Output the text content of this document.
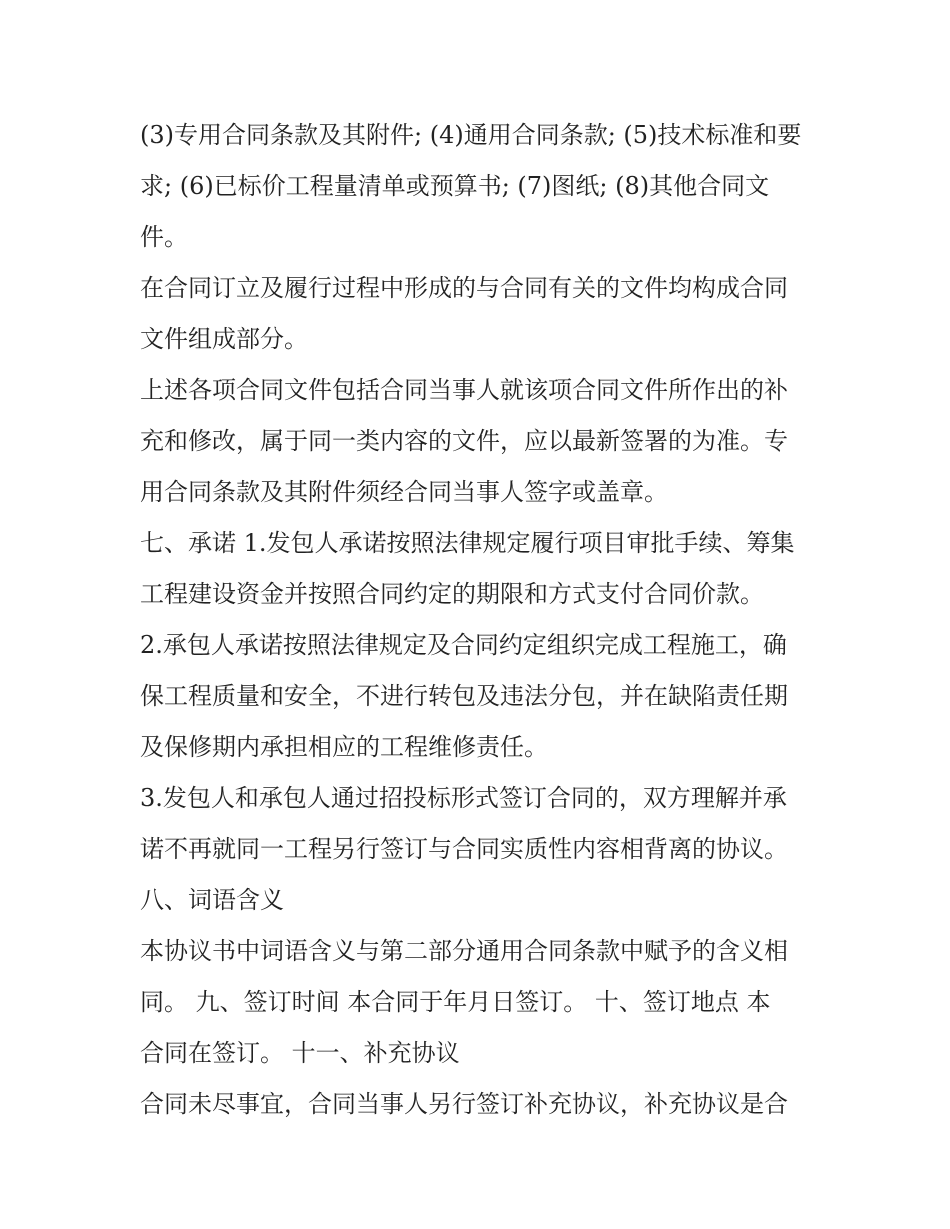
(3)专用合同条款及其附件; (4)通用合同条款; (5)技术标准和要
求; (6)已标价工程量清单或预算书; (7)图纸; (8)其他合同文
件。
在合同订立及履行过程中形成的与合同有关的文件均构成合同
文件组成部分。
上述各项合同文件包括合同当事人就该项合同文件所作出的补
充和修改，属于同一类内容的文件，应以最新签署的为准。专
用合同条款及其附件须经合同当事人签字或盖章。
七、承诺 1.发包人承诺按照法律规定履行项目审批手续、筹集
工程建设资金并按照合同约定的期限和方式支付合同价款。
2.承包人承诺按照法律规定及合同约定组织完成工程施工，确
保工程质量和安全，不进行转包及违法分包，并在缺陷责任期
及保修期内承担相应的工程维修责任。
3.发包人和承包人通过招投标形式签订合同的，双方理解并承
诺不再就同一工程另行签订与合同实质性内容相背离的协议。
八、词语含义
本协议书中词语含义与第二部分通用合同条款中赋予的含义相
同。 九、签订时间 本合同于年月日签订。 十、签订地点 本
合同在签订。 十一、补充协议
合同未尽事宜，合同当事人另行签订补充协议，补充协议是合
